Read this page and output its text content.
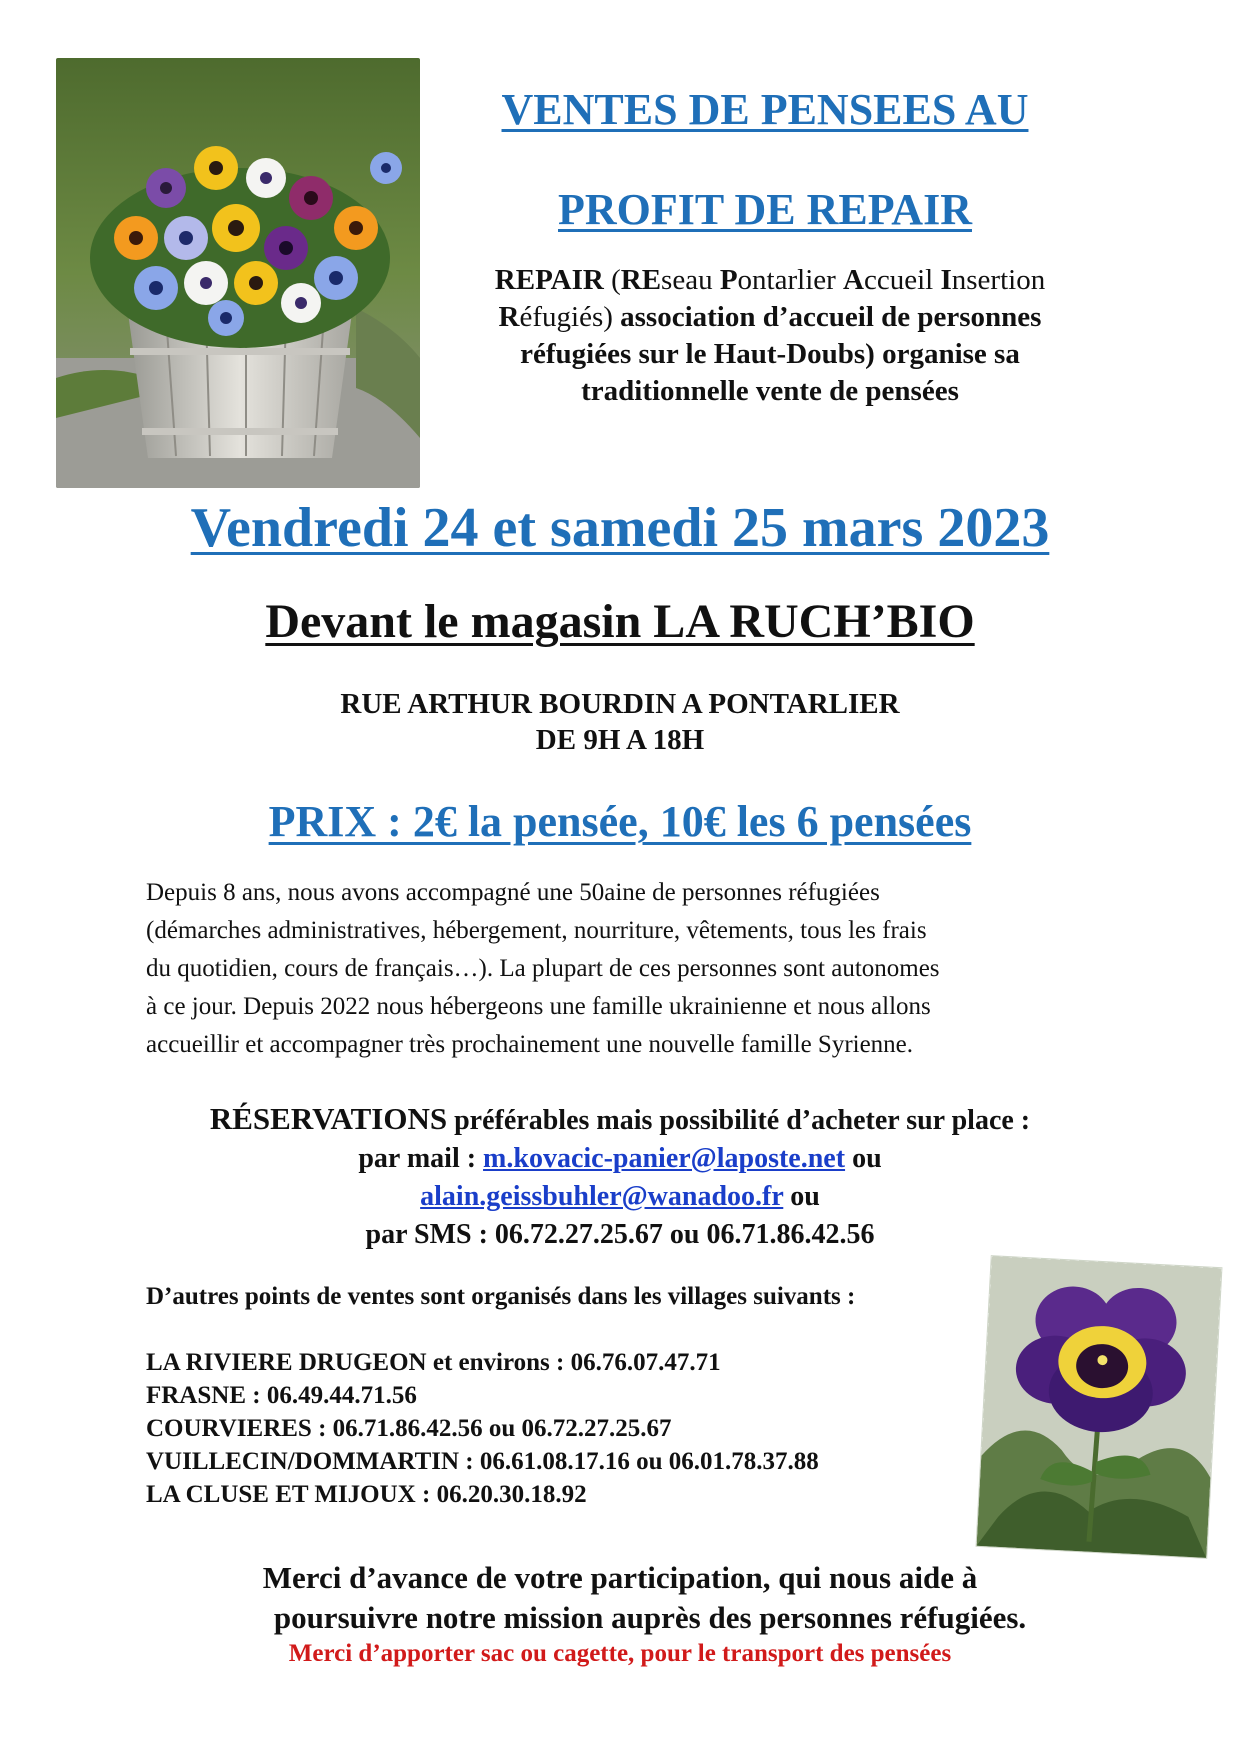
VENTES DE PENSEES AU
PROFIT DE REPAIR
REPAIR (REseau Pontarlier Accueil Insertion
Réfugiés) association d’accueil de personnes
réfugiées sur le Haut-Doubs) organise sa
traditionnelle vente de pensées
Vendredi 24 et samedi 25 mars 2023
Devant le magasin LA RUCH’BIO
RUE ARTHUR BOURDIN A PONTARLIER
DE 9H A 18H
PRIX : 2€ la pensée, 10€ les 6 pensées
Depuis 8 ans, nous avons accompagné une 50aine de personnes réfugiées
(démarches administratives, hébergement, nourriture, vêtements, tous les frais
du quotidien, cours de français…). La plupart de ces personnes sont autonomes
à ce jour. Depuis 2022 nous hébergeons une famille ukrainienne et nous allons
accueillir et accompagner très prochainement une nouvelle famille Syrienne.
RÉSERVATIONS préférables mais possibilité d’acheter sur place :
par mail : m.kovacic-panier@laposte.net ou
alain.geissbuhler@wanadoo.fr ou
par SMS : 06.72.27.25.67 ou 06.71.86.42.56
D’autres points de ventes sont organisés dans les villages suivants :
LA RIVIERE DRUGEON et environs : 06.76.07.47.71
FRASNE : 06.49.44.71.56
COURVIERES : 06.71.86.42.56 ou 06.72.27.25.67
VUILLECIN/DOMMARTIN : 06.61.08.17.16 ou 06.01.78.37.88
LA CLUSE ET MIJOUX : 06.20.30.18.92
Merci d’avance de votre participation, qui nous aide à
poursuivre notre mission auprès des personnes réfugiées.
Merci d’apporter sac ou cagette, pour le transport des pensées
